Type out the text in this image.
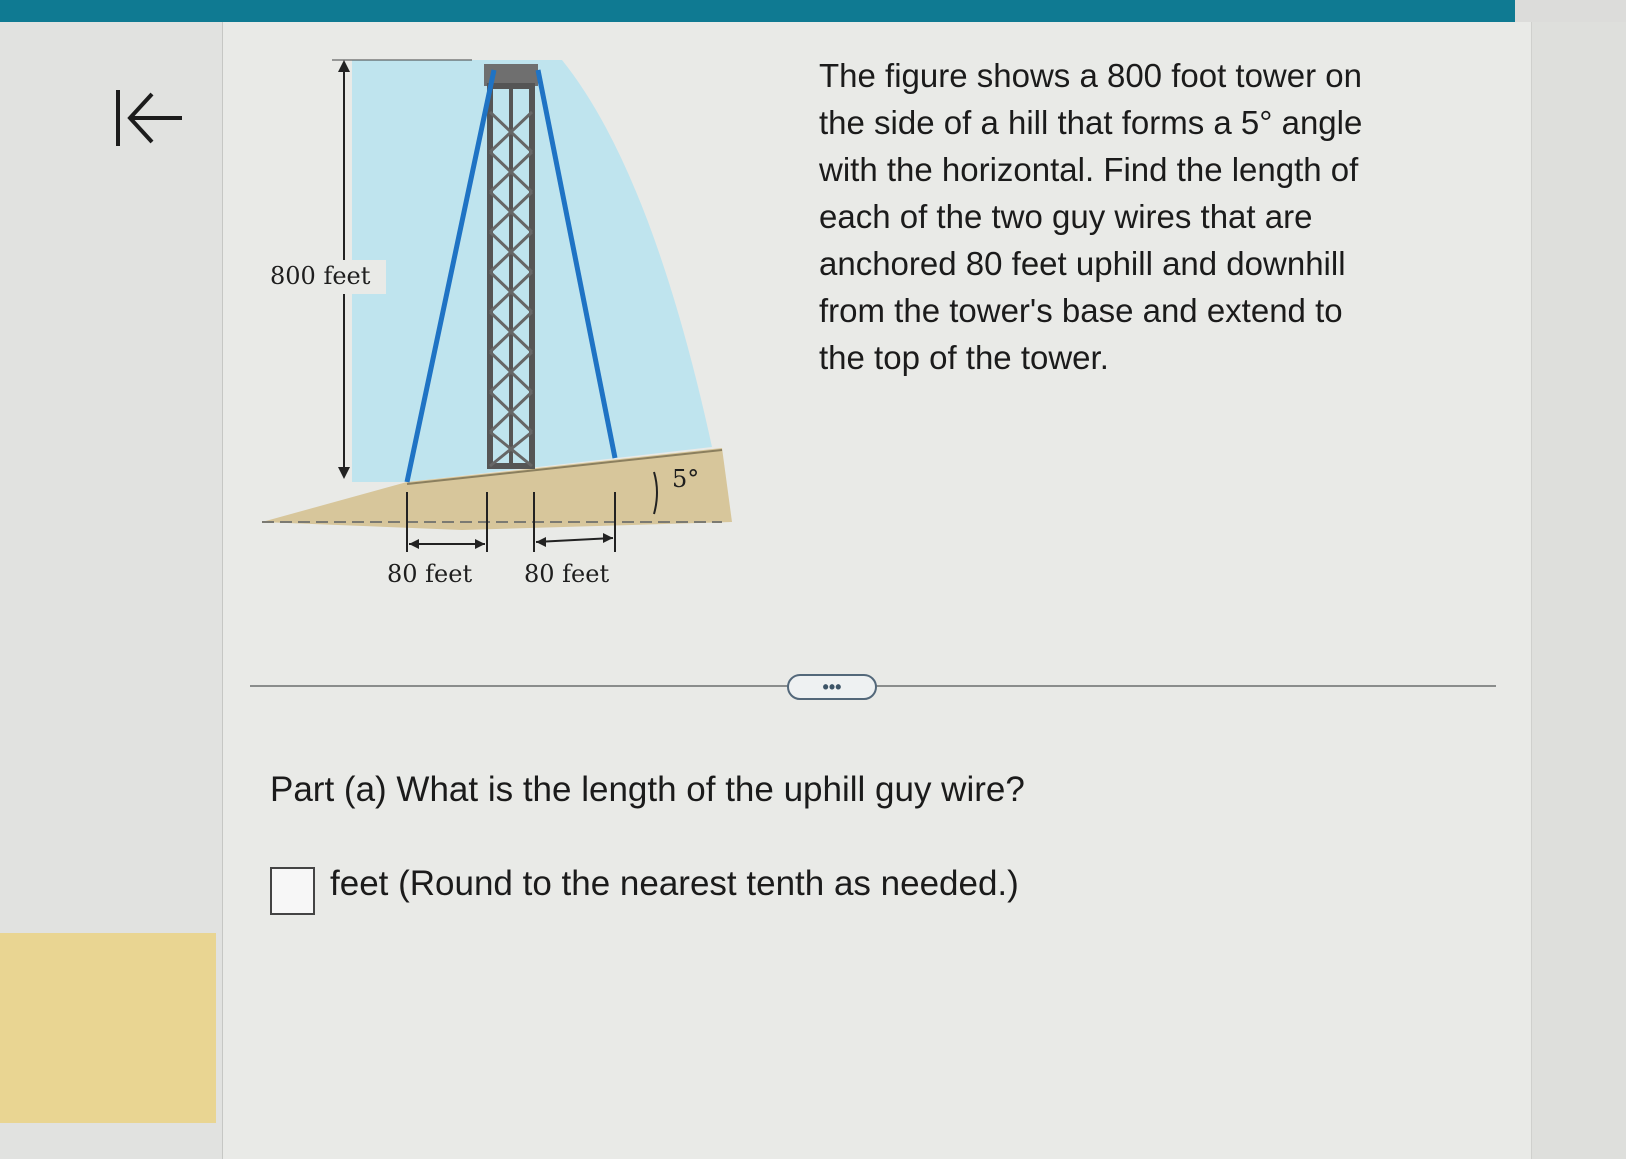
800 feet
80 feet 80 feet
5°
The figure shows a 800 foot tower on
the side of a hill that forms a 5° angle
with the horizontal. Find the length of
each of the two guy wires that are
anchored 80 feet uphill and downhill
from the tower's base and extend to
the top of the tower.
•••
Part (a) What is the length of the uphill guy wire?
feet (Round to the nearest tenth as needed.)
